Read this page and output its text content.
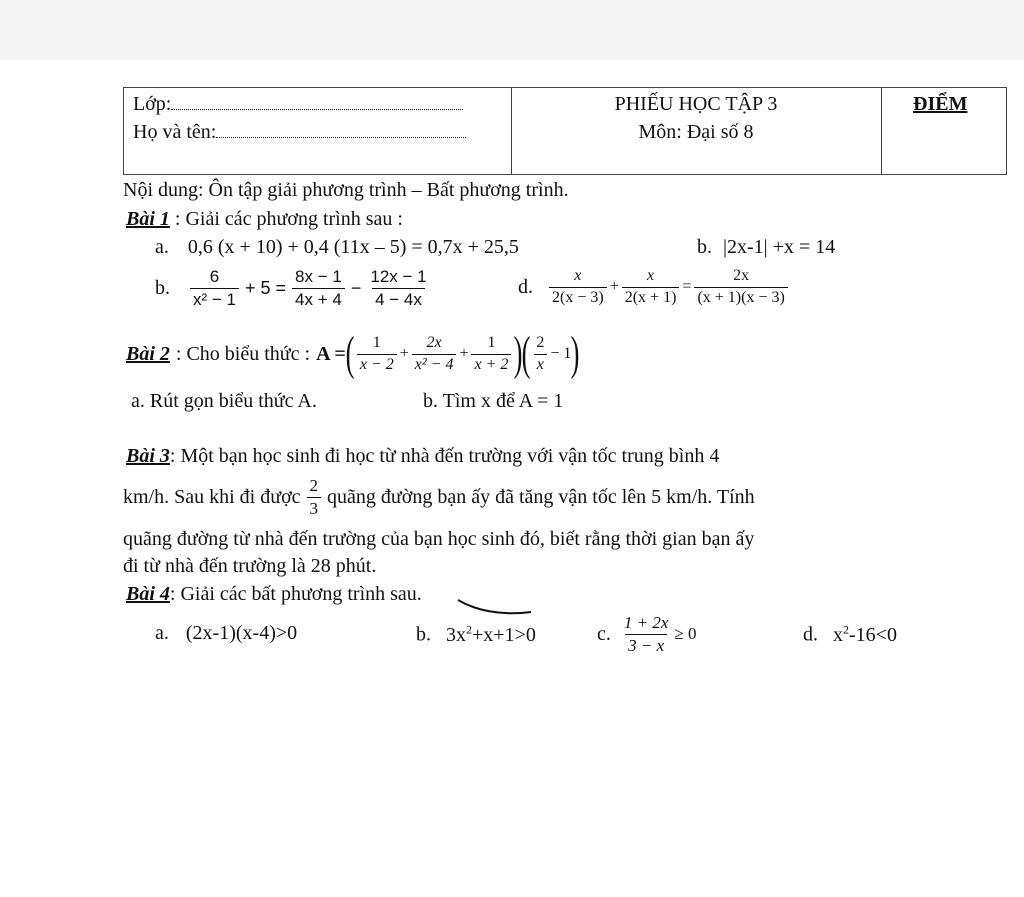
Lớp:
Họ và tên:
PHIẾU HỌC TẬP 3
Môn: Đại số 8
ĐIỂM
Nội dung: Ôn tập giải phương trình – Bất phương trình.
Bài 1 : Giải các phương trình sau :
a. 0,6 (x + 10) + 0,4 (11x – 5) = 0,7x + 25,5	b. |2x-1| +x = 14
b. $\frac{6}{\text{x² − 1}} + 5 = \frac{8x - 1}{4x + 4} - \frac{12x - 1}{4 - 4x}$	d. $\frac{x}{2(x - 3)} + \frac{x}{2(x + 1)} = \frac{2x}{(x + 1)(x - 3)}$
Bài 2 : Cho biểu thức : A = ( $\frac{1}{x - 2} + \frac{2x}{\text{x² − 4}} + \frac{1}{x + 2}$ ) ( $\frac{2}{x} - 1$ )
a. Rút gọn biểu thức A.	b. Tìm x để A = 1
Bài 3: Một bạn học sinh đi học từ nhà đến trường với vận tốc trung bình 4
km/h. Sau khi đi được $\frac{2}{3}$ quãng đường bạn ấy đã tăng vận tốc lên 5 km/h. Tính
quãng đường từ nhà đến trường của bạn học sinh đó, biết rằng thời gian bạn ấy
đi từ nhà đến trường là 28 phút.
Bài 4: Giải các bất phương trình sau.
a. (2x-1)(x-4)>0	b. $3x^2+x+1>0$	c. $\frac{1 + 2x}{3 - x} \ge 0$	d. $x^2-16<0$
